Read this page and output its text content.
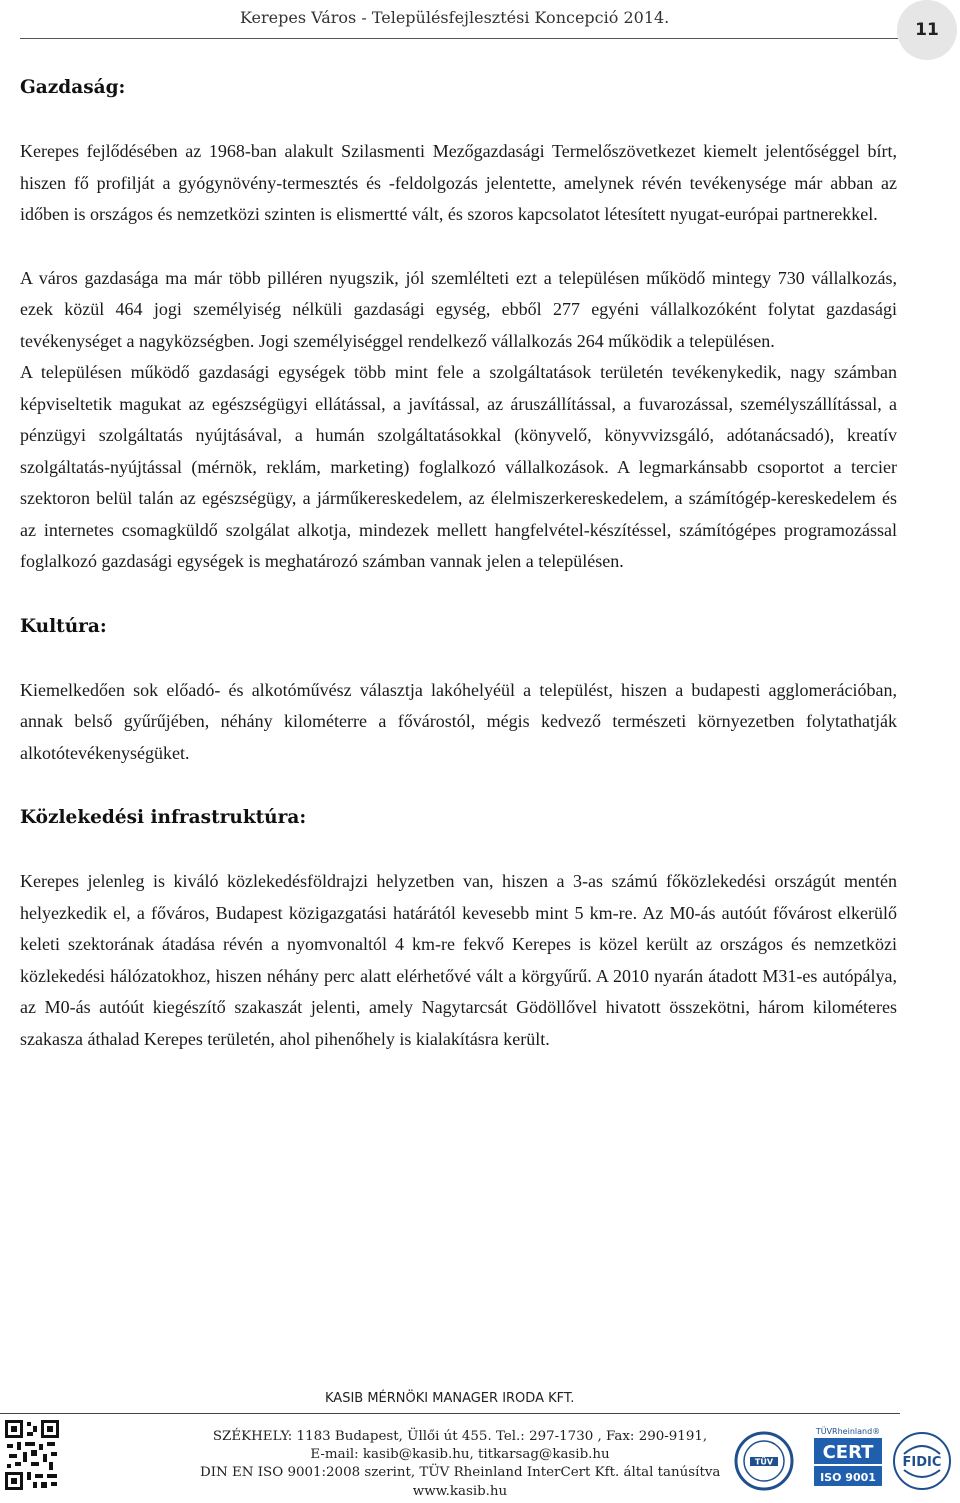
Kerepes Város - Településfejlesztési Koncepció 2014.
11
Gazdaság:

Kerepes fejlődésében az 1968-ban alakult Szilasmenti Mezőgazdasági Termelőszövetkezet kiemelt jelentőséggel bírt, hiszen fő profilját a gyógynövény-termesztés és -feldolgozás jelentette, amelynek révén tevékenysége már abban az időben is országos és nemzetközi szinten is elismertté vált, és szoros kapcsolatot létesített nyugat-európai partnerekkel.

A város gazdasága ma már több pilléren nyugszik, jól szemlélteti ezt a településen működő mintegy 730 vállalkozás, ezek közül 464 jogi személyiség nélküli gazdasági egység, ebből 277 egyéni vállalkozóként folytat gazdasági tevékenységet a nagyközségben. Jogi személyiséggel rendelkező vállalkozás 264 működik a településen.

A településen működő gazdasági egységek több mint fele a szolgáltatások területén tevékenykedik, nagy számban képviseltetik magukat az egészségügyi ellátással, a javítással, az áruszállítással, a fuvarozással, személyszállítással, a pénzügyi szolgáltatás nyújtásával, a humán szolgáltatásokkal (könyvelő, könyvvizsgáló, adótanácsadó), kreatív szolgáltatás-nyújtással (mérnök, reklám, marketing) foglalkozó vállalkozások. A legmarkánsabb csoportot a tercier szektoron belül talán az egészségügy, a járműkereskedelem, az élelmiszerkereskedelem, a számítógép-kereskedelem és az internetes csomagküldő szolgálat alkotja, mindezek mellett hangfelvétel-készítéssel, számítógépes programozással foglalkozó gazdasági egységek is meghatározó számban vannak jelen a településen.

Kultúra:

Kiemelkedően sok előadó- és alkotóművész választja lakóhelyéül a települést, hiszen a budapesti agglomerációban, annak belső gyűrűjében, néhány kilométerre a fővárostól, mégis kedvező természeti környezetben folytathatják alkotótevékenységüket.

Közlekedési infrastruktúra:

Kerepes jelenleg is kiváló közlekedésföldrajzi helyzetben van, hiszen a 3-as számú főközlekedési országút mentén helyezkedik el, a főváros, Budapest közigazgatási határától kevesebb mint 5 km-re. Az M0-ás autóút fővárost elkerülő keleti szektorának átadása révén a nyomvonaltól 4 km-re fekvő Kerepes is közel került az országos és nemzetközi közlekedési hálózatokhoz, hiszen néhány perc alatt elérhetővé vált a körgyűrű. A 2010 nyarán átadott M31-es autópálya, az M0-ás autóút kiegészítő szakaszát jelenti, amely Nagytarcsát Gödöllővel hivatott összekötni, három kilométeres szakasza áthalad Kerepes területén, ahol pihenőhely is kialakításra került.

KASIB MÉRNÖKI MANAGER IRODA KFT.
SZÉKHELY: 1183 Budapest, Üllői út 455. Tel.: 297-1730 , Fax: 290-9191,
E-mail: kasib@kasib.hu, titkarsag@kasib.hu
DIN EN ISO 9001:2008 szerint, TÜV Rheinland InterCert Kft. által tanúsítva
www.kasib.hu
TÜV
TÜVRheinland®
CERT
ISO 9001
FIDIC
